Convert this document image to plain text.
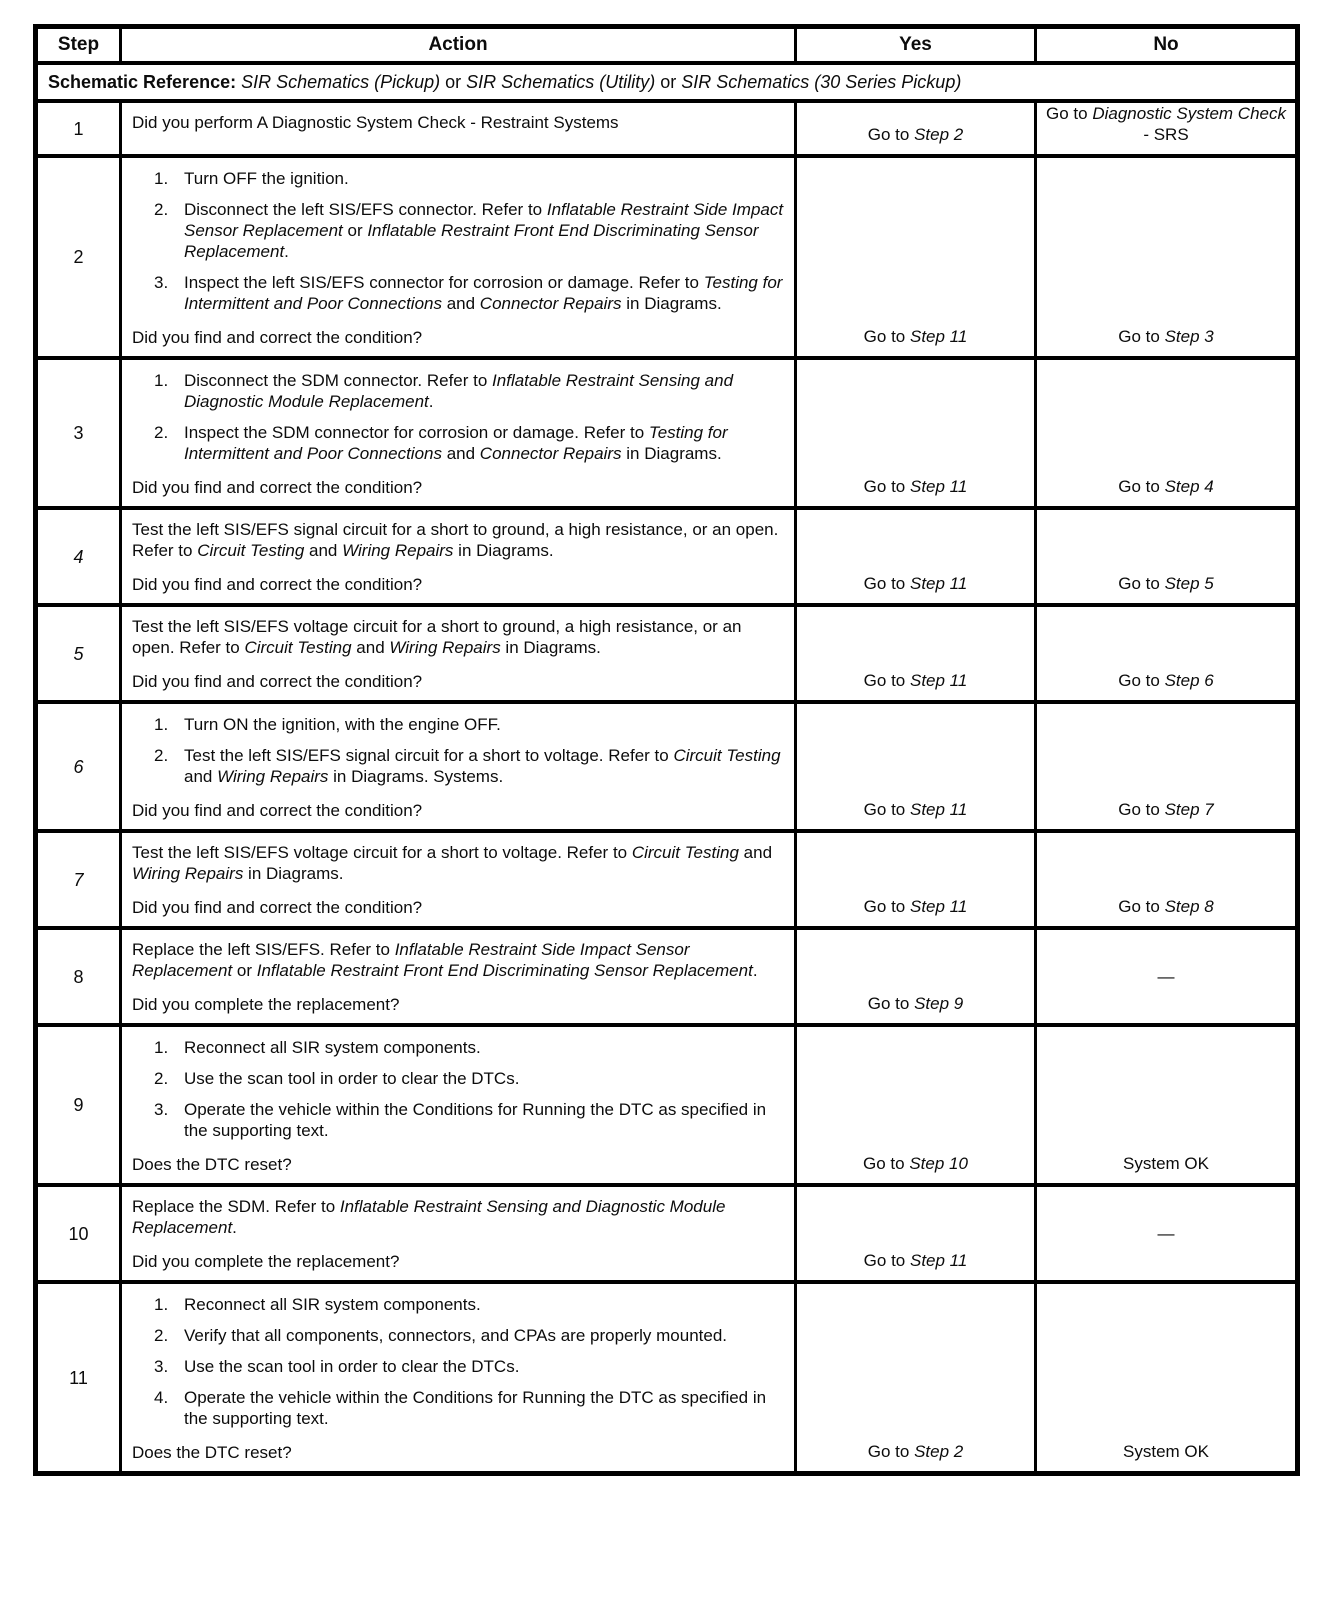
Step	Action	Yes	No
Schematic Reference: SIR Schematics (Pickup) or SIR Schematics (Utility) or SIR Schematics (30 Series Pickup)			
1	Did you perform A Diagnostic System Check - Restraint Systems	Go to Step 2	Go to Diagnostic System Check - SRS

2	
1. Turn OFF the ignition.
2. Disconnect the left SIS/EFS connector. Refer to Inflatable Restraint Side Impact Sensor Replacement or Inflatable Restraint Front End Discriminating Sensor Replacement.
3. Inspect the left SIS/EFS connector for corrosion or damage. Refer to Testing for Intermittent and Poor Connections and Connector Repairs in Diagrams.
Did you find and correct the condition?	Go to Step 11	Go to Step 3

3	1. Disconnect the SDM connector. Refer to Inflatable Restraint Sensing and Diagnostic Module Replacement.
2. Inspect the SDM connector for corrosion or damage. Refer to Testing for Intermittent and Poor Connections and Connector Repairs in Diagrams.
Did you find and correct the condition?	Go to Step 11	Go to Step 4

4	Test the left SIS/EFS signal circuit for a short to ground, a high resistance, or an open. Refer to Circuit Testing and Wiring Repairs in Diagrams.
Did you find and correct the condition?	Go to Step 11	Go to Step 5

5	Test the left SIS/EFS voltage circuit for a short to ground, a high resistance, or an open. Refer to Circuit Testing and Wiring Repairs in Diagrams.
Did you find and correct the condition?	Go to Step 11	Go to Step 6

6	1. Turn ON the ignition, with the engine OFF.
2. Test the left SIS/EFS signal circuit for a short to voltage. Refer to Circuit Testing and Wiring Repairs in Diagrams. Systems.
Did you find and correct the condition?	Go to Step 11	Go to Step 7

7	Test the left SIS/EFS voltage circuit for a short to voltage. Refer to Circuit Testing and Wiring Repairs in Diagrams.
Did you find and correct the condition?	Go to Step 11	Go to Step 8

8	Replace the left SIS/EFS. Refer to Inflatable Restraint Side Impact Sensor Replacement or Inflatable Restraint Front End Discriminating Sensor Replacement.
Did you complete the replacement?	Go to Step 9	—

9	
1. Reconnect all SIR system components.
2. Use the scan tool in order to clear the DTCs.
3. Operate the vehicle within the Conditions for Running the DTC as specified in the supporting text.
Does the DTC reset?	Go to Step 10	System OK

10	Replace the SDM. Refer to Inflatable Restraint Sensing and Diagnostic Module Replacement.
Did you complete the replacement?	Go to Step 11	—

11	
1. Reconnect all SIR system components.
2. Verify that all components, connectors, and CPAs are properly mounted.
3. Use the scan tool in order to clear the DTCs.
4. Operate the vehicle within the Conditions for Running the DTC as specified in the supporting text.
Does the DTC reset?	Go to Step 2	System OK
